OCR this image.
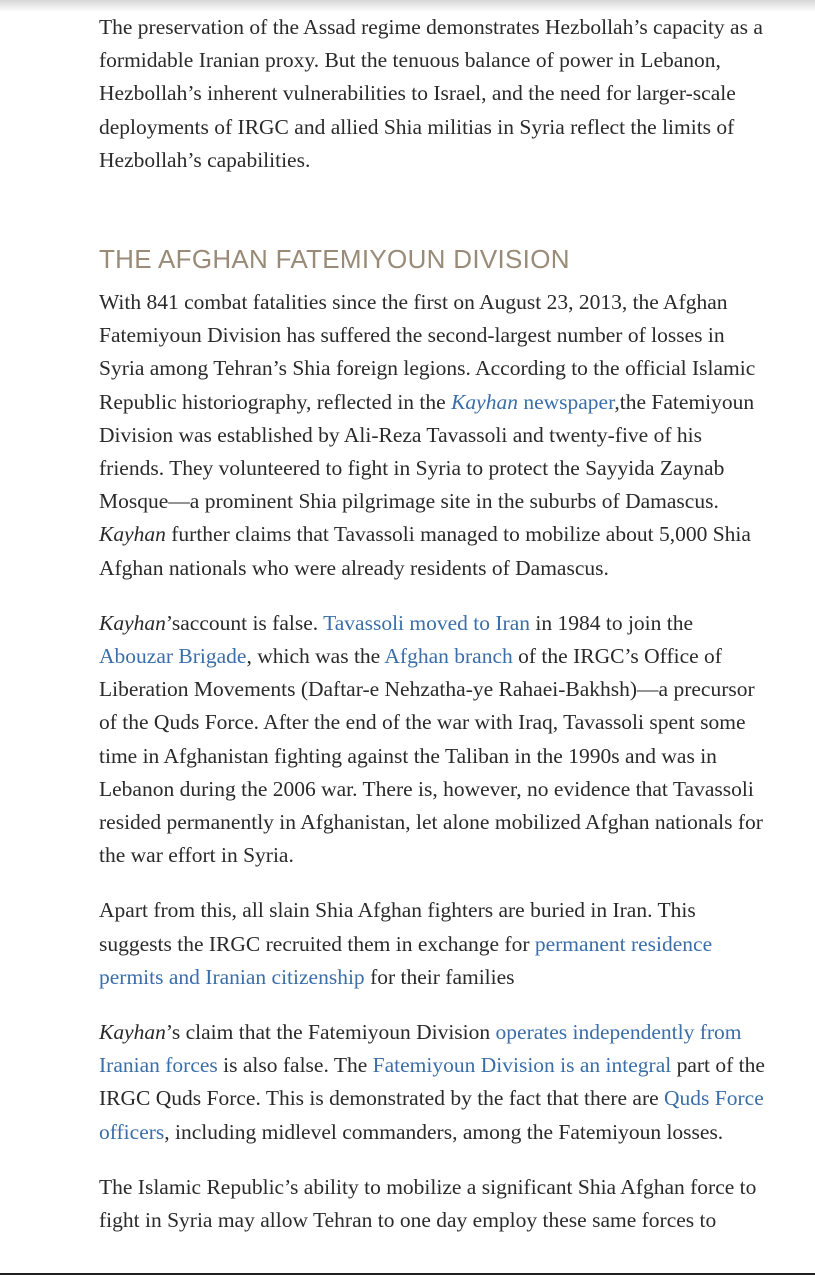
The preservation of the Assad regime demonstrates Hezbollah’s capacity as a formidable Iranian proxy. But the tenuous balance of power in Lebanon, Hezbollah’s inherent vulnerabilities to Israel, and the need for larger-scale deployments of IRGC and allied Shia militias in Syria reflect the limits of Hezbollah’s capabilities.

THE AFGHAN FATEMIYOUN DIVISION

With 841 combat fatalities since the first on August 23, 2013, the Afghan Fatemiyoun Division has suffered the second-largest number of losses in Syria among Tehran’s Shia foreign legions. According to the official Islamic Republic historiography, reflected in the Kayhan newspaper,the Fatemiyoun Division was established by Ali-Reza Tavassoli and twenty-five of his friends. They volunteered to fight in Syria to protect the Sayyida Zaynab Mosque—a prominent Shia pilgrimage site in the suburbs of Damascus. Kayhan further claims that Tavassoli managed to mobilize about 5,000 Shia Afghan nationals who were already residents of Damascus.

Kayhan’saccount is false. Tavassoli moved to Iran in 1984 to join the Abouzar Brigade, which was the Afghan branch of the IRGC’s Office of Liberation Movements (Daftar-e Nehzatha-ye Rahaei-Bakhsh)—a precursor of the Quds Force. After the end of the war with Iraq, Tavassoli spent some time in Afghanistan fighting against the Taliban in the 1990s and was in Lebanon during the 2006 war. There is, however, no evidence that Tavassoli resided permanently in Afghanistan, let alone mobilized Afghan nationals for the war effort in Syria.

Apart from this, all slain Shia Afghan fighters are buried in Iran. This suggests the IRGC recruited them in exchange for permanent residence permits and Iranian citizenship for their families

Kayhan’s claim that the Fatemiyoun Division operates independently from Iranian forces is also false. The Fatemiyoun Division is an integral part of the IRGC Quds Force. This is demonstrated by the fact that there are Quds Force officers, including midlevel commanders, among the Fatemiyoun losses.

The Islamic Republic’s ability to mobilize a significant Shia Afghan force to fight in Syria may allow Tehran to one day employ these same forces to
